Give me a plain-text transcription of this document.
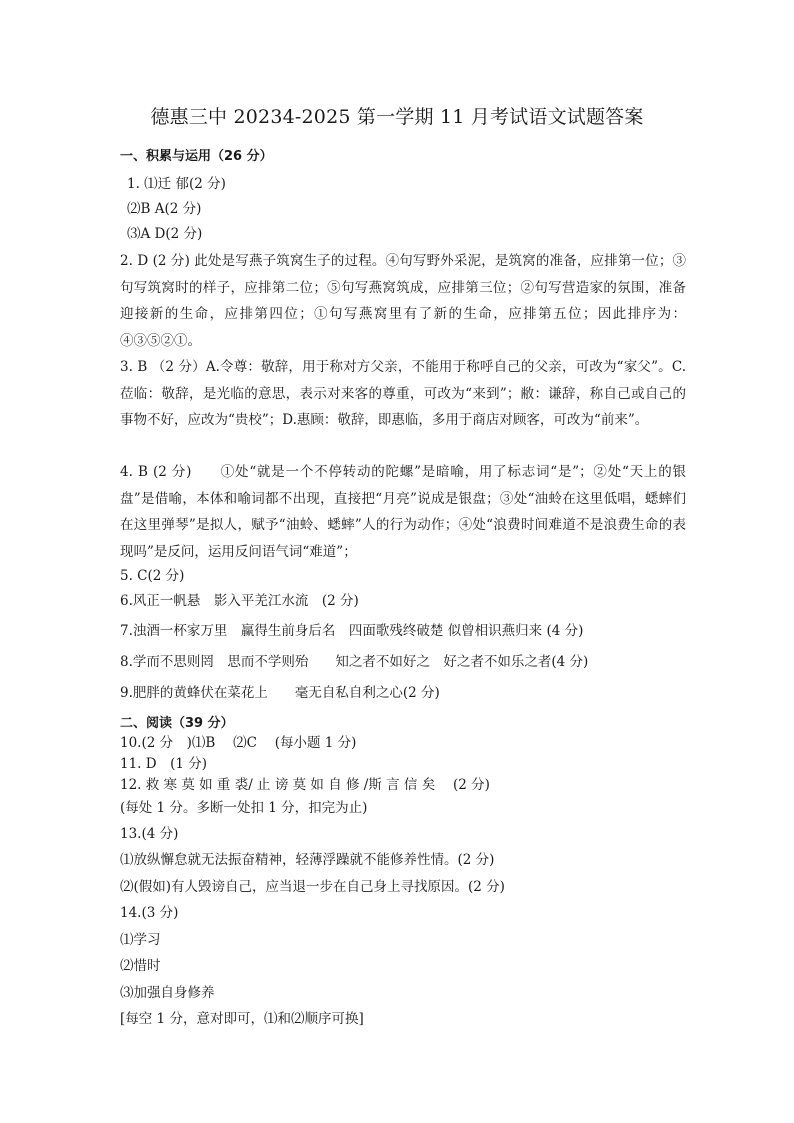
德惠三中 20234-2025 第一学期 11 月考试语文试题答案
一、积累与运用（26 分）
1. ⑴迁 郁(2 分)
⑵B A(2 分)
⑶A D(2 分)
2. D (2 分) 此处是写燕子筑窝生子的过程。④句写野外采泥，是筑窝的准备，应排第一位；③句写筑窝时的样子，应排第二位；⑤句写燕窝筑成，应排第三位；②句写营造家的氛围，准备迎接新的生命，应排第四位；①句写燕窝里有了新的生命，应排第五位；因此排序为：④③⑤②①。
3. B （2 分）A.令尊：敬辞，用于称对方父亲，不能用于称呼自己的父亲，可改为“家父”。C.莅临：敬辞，是光临的意思，表示对来客的尊重，可改为“来到”；敝：谦辞，称自己或自己的事物不好，应改为“贵校”；D.惠顾：敬辞，即惠临，多用于商店对顾客，可改为“前来”。
4. B (2 分)　　①处“就是一个不停转动的陀螺”是暗喻，用了标志词“是”；②处“天上的银盘”是借喻，本体和喻词都不出现，直接把“月亮”说成是银盘；③处“油蛉在这里低唱，蟋蟀们在这里弹琴”是拟人，赋予“油蛉、蟋蟀”人的行为动作；④处“浪费时间难道不是浪费生命的表现吗”是反问，运用反问语气词“难道”；
5. C(2 分)
6.风正一帆悬　影入平羌江水流　(2 分)
7.浊酒一杯家万里　赢得生前身后名　四面歌残终破楚 似曾相识燕归来 (4 分)
8.学而不思则罔　思而不学则殆　　知之者不如好之　好之者不如乐之者(4 分)
9.肥胖的黄蜂伏在菜花上　　毫无自私自利之心(2 分)
二、阅读（39 分）
10.(2 分　)⑴B　 ⑵C　 (每小题 1 分)
11. D　(1 分)
12. 救 寒 莫 如 重 裘/ 止 谤 莫 如 自 修 /斯 言 信 矣　 (2 分)
(每处 1 分。多断一处扣 1 分，扣完为止)
13.(4 分)
⑴放纵懈怠就无法振奋精神，轻薄浮躁就不能修养性情。(2 分)
⑵(假如)有人毁谤自己，应当退一步在自己身上寻找原因。(2 分)
14.(3 分)
⑴学习
⑵惜时
⑶加强自身修养
[每空 1 分，意对即可，⑴和⑵顺序可换]
